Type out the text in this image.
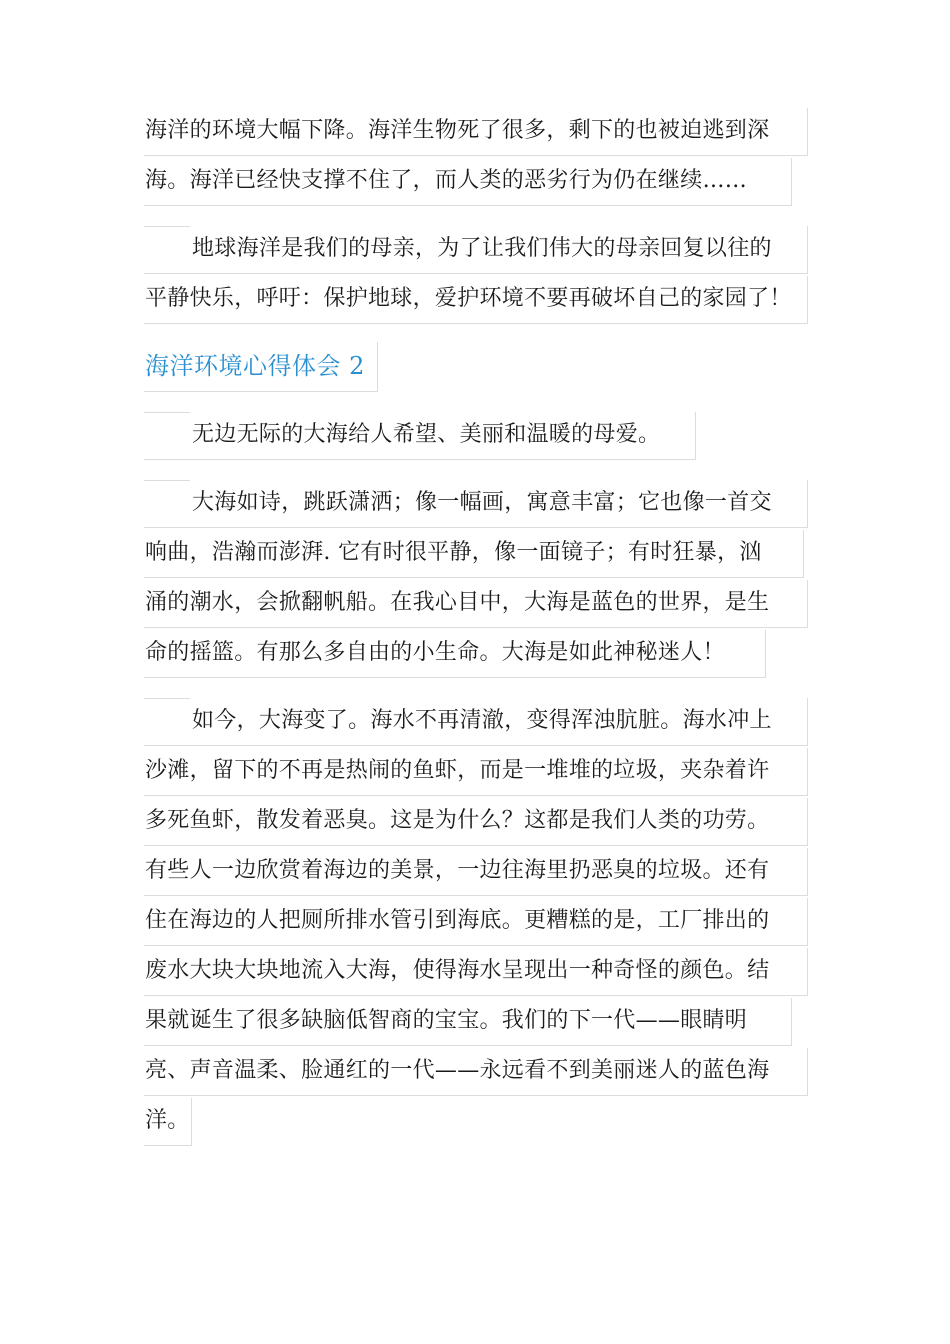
海洋的环境大幅下降。海洋生物死了很多，剩下的也被迫逃到深
海。海洋已经快支撑不住了，而人类的恶劣行为仍在继续……
地球海洋是我们的母亲，为了让我们伟大的母亲回复以往的
平静快乐，呼吁：保护地球，爱护环境不要再破坏自己的家园了！
海洋环境心得体会 2
无边无际的大海给人希望、美丽和温暖的母爱。
大海如诗，跳跃潇洒；像一幅画，寓意丰富；它也像一首交
响曲，浩瀚而澎湃. 它有时很平静，像一面镜子；有时狂暴，汹
涌的潮水，会掀翻帆船。在我心目中，大海是蓝色的世界，是生
命的摇篮。有那么多自由的小生命。大海是如此神秘迷人！
如今，大海变了。海水不再清澈，变得浑浊肮脏。海水冲上
沙滩，留下的不再是热闹的鱼虾，而是一堆堆的垃圾，夹杂着许
多死鱼虾，散发着恶臭。这是为什么？这都是我们人类的功劳。
有些人一边欣赏着海边的美景，一边往海里扔恶臭的垃圾。还有
住在海边的人把厕所排水管引到海底。更糟糕的是，工厂排出的
废水大块大块地流入大海，使得海水呈现出一种奇怪的颜色。结
果就诞生了很多缺脑低智商的宝宝。我们的下一代——眼睛明
亮、声音温柔、脸通红的一代——永远看不到美丽迷人的蓝色海
洋。
